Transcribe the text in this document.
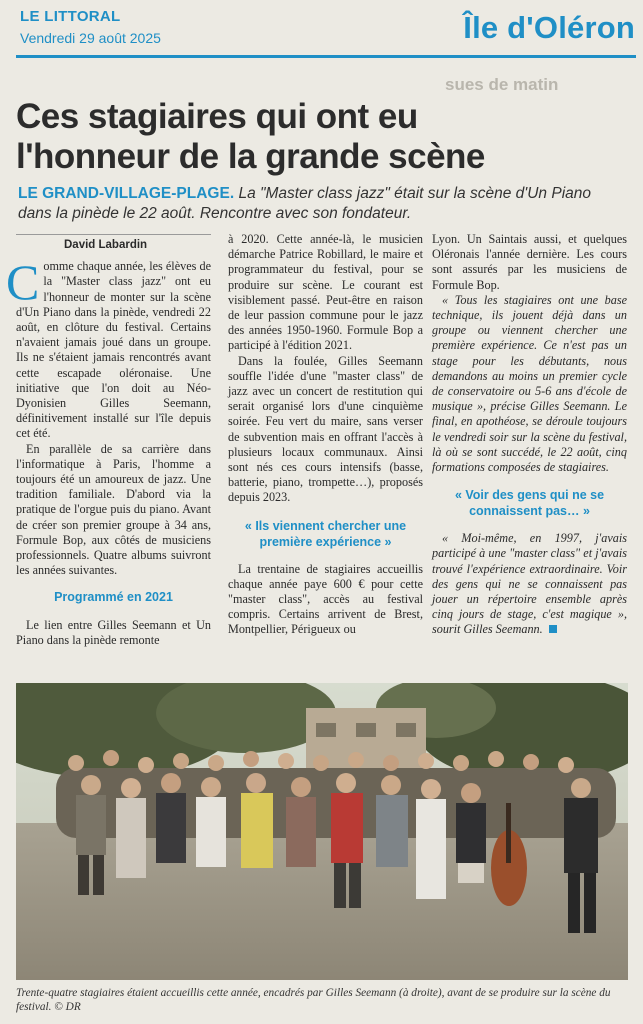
LE LITTORAL
Vendredi 29 août 2025	Île d'Oléron
sues de matin
Ces stagiaires qui ont eu
l'honneur de la grande scène

LE GRAND-VILLAGE-PLAGE. La "Master class jazz" était sur la scène d'Un Piano dans la pinède le 22 août. Rencontre avec son fondateur.

David Labardin

Comme chaque année, les élèves de la "Master class jazz" ont eu l'honneur de monter sur la scène d'Un Piano dans la pinède, vendredi 22 août, en clôture du festival. Certains n'avaient jamais joué dans un groupe. Ils ne s'étaient jamais rencontrés avant cette escapade oléronaise. Une initiative que l'on doit au Néo-Dyonisien Gilles Seemann, définitivement installé sur l'île depuis cet été.

En parallèle de sa carrière dans l'informatique à Paris, l'homme a toujours été un amoureux de jazz. Une tradition familiale. D'abord via la pratique de l'orgue puis du piano. Avant de créer son premier groupe à 34 ans, Formule Bop, aux côtés de musiciens professionnels. Quatre albums suivront les années suivantes.

Programmé en 2021

Le lien entre Gilles Seemann et Un Piano dans la pinède remonte

à 2020. Cette année-là, le musicien démarche Patrice Robillard, le maire et programmateur du festival, pour se produire sur scène. Le courant est visiblement passé. Peut-être en raison de leur passion commune pour le jazz des années 1950-1960. Formule Bop a participé à l'édition 2021.

Dans la foulée, Gilles Seemann souffle l'idée d'une "master class" de jazz avec un concert de restitution qui serait organisé lors d'une cinquième soirée. Feu vert du maire, sans verser de subvention mais en offrant l'accès à plusieurs locaux communaux. Ainsi sont nés ces cours intensifs (basse, batterie, piano, trompette…), proposés depuis 2023.

« Ils viennent chercher une première expérience »

La trentaine de stagiaires accueillis chaque année paye 600 € pour cette "master class", accès au festival compris. Certains arrivent de Brest, Montpellier, Périgueux ou

Lyon. Un Saintais aussi, et quelques Oléronais l'année dernière. Les cours sont assurés par les musiciens de Formule Bop.

« Tous les stagiaires ont une base technique, ils jouent déjà dans un groupe ou viennent chercher une première expérience. Ce n'est pas un stage pour les débutants, nous demandons au moins un premier cycle de conservatoire ou 5-6 ans d'école de musique », précise Gilles Seemann. Le final, en apothéose, se déroule toujours le vendredi soir sur la scène du festival, là où se sont succédé, le 22 août, cinq formations composées de stagiaires.

« Voir des gens qui ne se connaissent pas… »

« Moi-même, en 1997, j'avais participé à une "master class" et j'avais trouvé l'expérience extraordinaire. Voir des gens qui ne se connaissent pas jouer un répertoire ensemble après cinq jours de stage, c'est magique », sourit Gilles Seemann.

Trente-quatre stagiaires étaient accueillis cette année, encadrés par Gilles Seemann (à droite), avant de se produire sur la scène du festival. © DR
